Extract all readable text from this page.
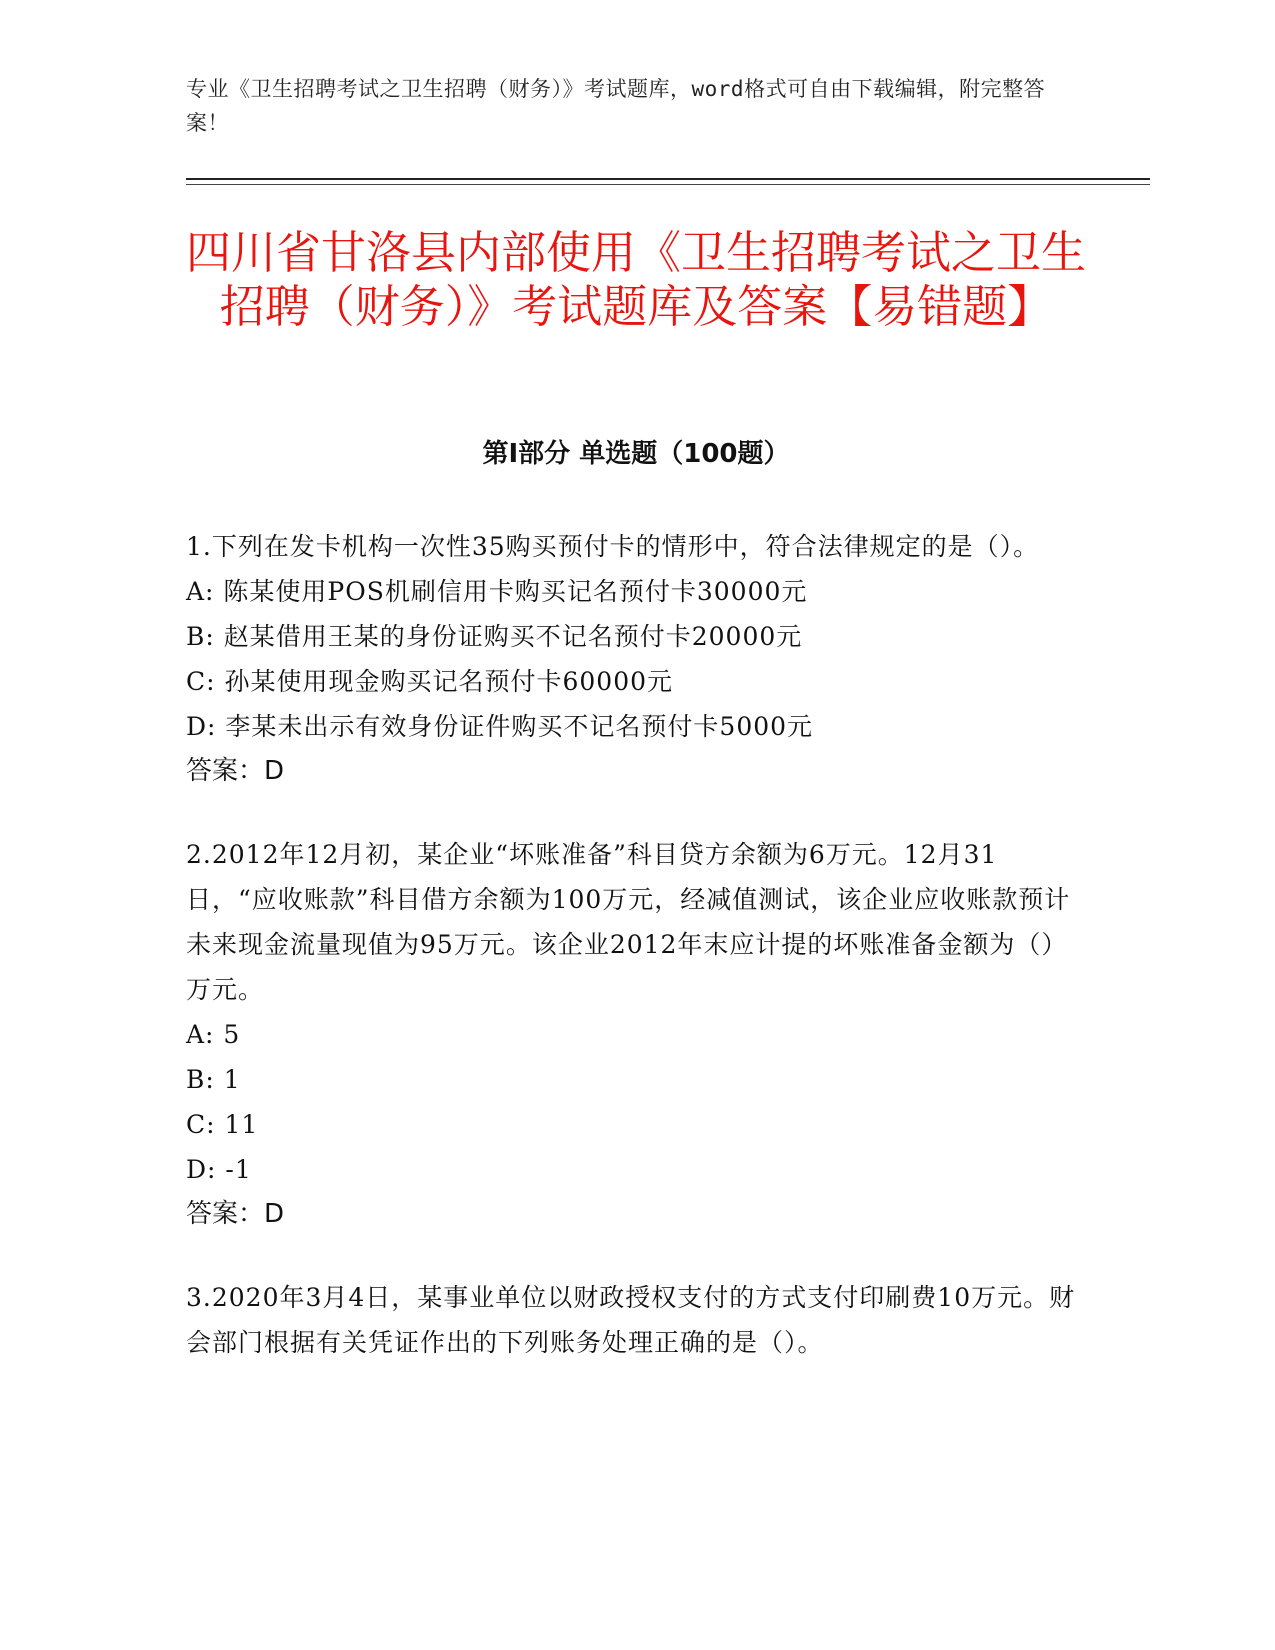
专业《卫生招聘考试之卫生招聘（财务）》考试题库，word格式可自由下载编辑，附完整答案！
四川省甘洛县内部使用《卫生招聘考试之卫生招聘（财务）》考试题库及答案【易错题】
第I部分 单选题（100题）
1.下列在发卡机构一次性35购买预付卡的情形中，符合法律规定的是（）。
A: 陈某使用POS机刷信用卡购买记名预付卡30000元
B: 赵某借用王某的身份证购买不记名预付卡20000元
C: 孙某使用现金购买记名预付卡60000元
D: 李某未出示有效身份证件购买不记名预付卡5000元
答案：D
2.2012年12月初，某企业“坏账准备”科目贷方余额为6万元。12月31日，“应收账款”科目借方余额为100万元，经减值测试，该企业应收账款预计未来现金流量现值为95万元。该企业2012年末应计提的坏账准备金额为（）万元。
A: 5
B: 1
C: 11
D: -1
答案：D
3.2020年3月4日，某事业单位以财政授权支付的方式支付印刷费10万元。财会部门根据有关凭证作出的下列账务处理正确的是（）。
